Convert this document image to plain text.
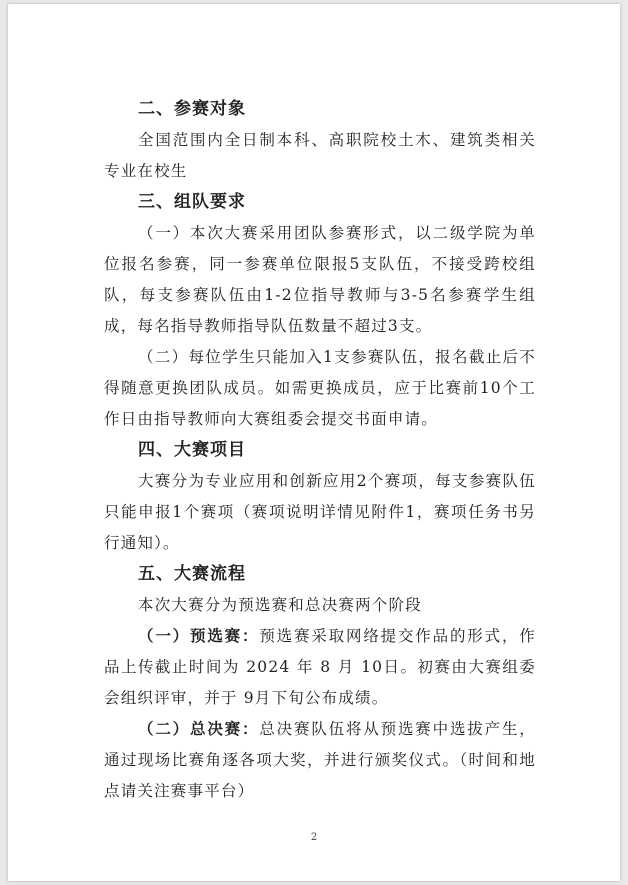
二、参赛对象

全国范围内全日制本科、高职院校土木、建筑类相关专业在校生

三、组队要求

（一）本次大赛采用团队参赛形式，以二级学院为单位报名参赛，同一参赛单位限报5支队伍，不接受跨校组队，每支参赛队伍由1-2位指导教师与3-5名参赛学生组成，每名指导教师指导队伍数量不超过3支。

（二）每位学生只能加入1支参赛队伍，报名截止后不得随意更换团队成员。如需更换成员，应于比赛前10个工作日由指导教师向大赛组委会提交书面申请。

四、大赛项目

大赛分为专业应用和创新应用2个赛项，每支参赛队伍只能申报1个赛项（赛项说明详情见附件1，赛项任务书另行通知）。

五、大赛流程

本次大赛分为预选赛和总决赛两个阶段

（一）预选赛：预选赛采取网络提交作品的形式，作品上传截止时间为 2024 年 8 月 10日。初赛由大赛组委会组织评审，并于 9月下旬公布成绩。

（二）总决赛：总决赛队伍将从预选赛中选拔产生，通过现场比赛角逐各项大奖，并进行颁奖仪式。（时间和地点请关注赛事平台）

2
